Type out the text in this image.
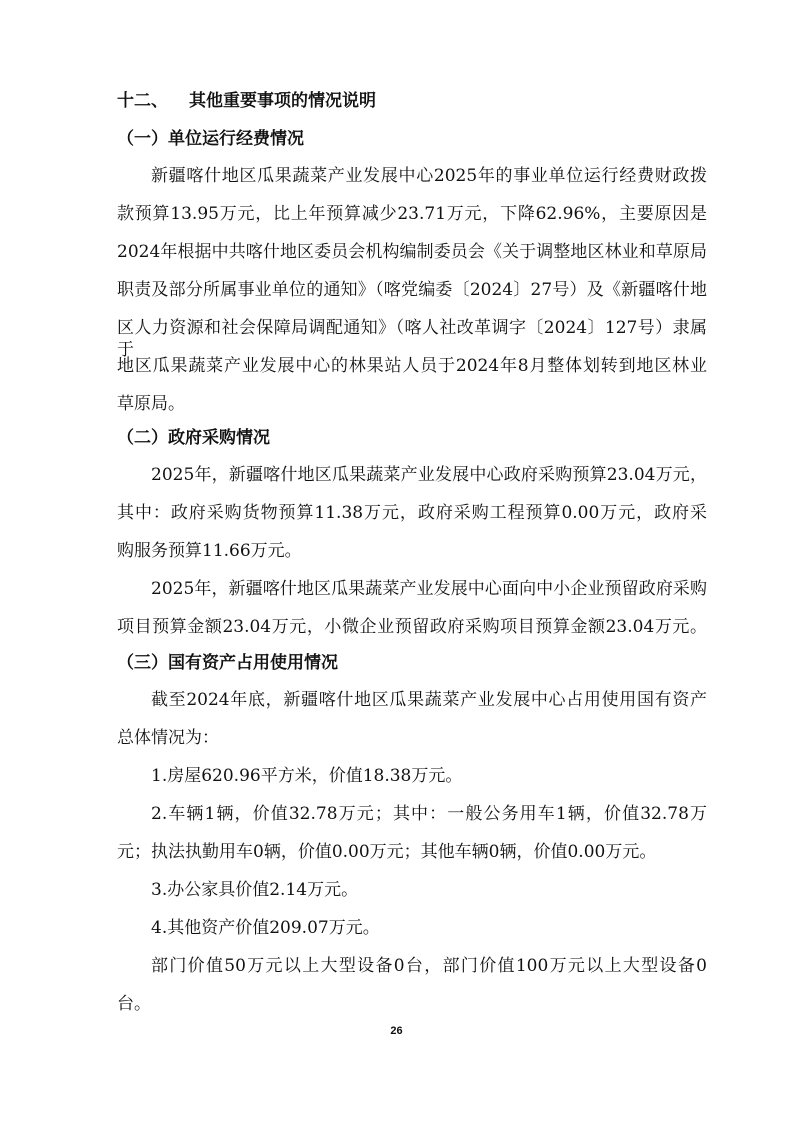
十二、 其他重要事项的情况说明
（一）单位运行经费情况
新疆喀什地区瓜果蔬菜产业发展中心2025年的事业单位运行经费财政拨
款预算13.95万元，比上年预算减少23.71万元，下降62.96%，主要原因是
2024年根据中共喀什地区委员会机构编制委员会《关于调整地区林业和草原局
职责及部分所属事业单位的通知》（喀党编委〔2024〕27号）及《新疆喀什地
区人力资源和社会保障局调配通知》（喀人社改革调字〔2024〕127号）隶属于
地区瓜果蔬菜产业发展中心的林果站人员于2024年8月整体划转到地区林业
草原局。
（二）政府采购情况
2025年，新疆喀什地区瓜果蔬菜产业发展中心政府采购预算23.04万元，
其中：政府采购货物预算11.38万元，政府采购工程预算0.00万元，政府采
购服务预算11.66万元。
2025年，新疆喀什地区瓜果蔬菜产业发展中心面向中小企业预留政府采购
项目预算金额23.04万元，小微企业预留政府采购项目预算金额23.04万元。
（三）国有资产占用使用情况
截至2024年底，新疆喀什地区瓜果蔬菜产业发展中心占用使用国有资产
总体情况为：
1.房屋620.96平方米，价值18.38万元。
2.车辆1辆，价值32.78万元；其中：一般公务用车1辆，价值32.78万
元；执法执勤用车0辆，价值0.00万元；其他车辆0辆，价值0.00万元。
3.办公家具价值2.14万元。
4.其他资产价值209.07万元。
部门价值50万元以上大型设备0台，部门价值100万元以上大型设备0
台。
26
